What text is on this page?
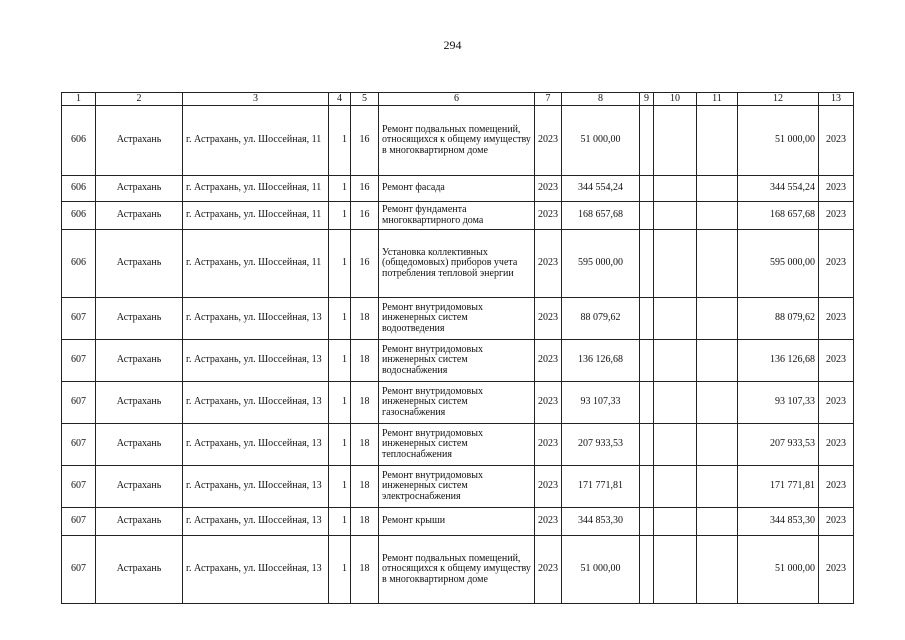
294
1	2	3	4	5	6	7	8	9	10	11	12	13
606	Астрахань	г. Астрахань, ул. Шоссейная, 11	1	16	Ремонт подвальных помещений, относящихся к общему имуществу в многоквартирном доме	2023	51 000,00				51 000,00	2023
606	Астрахань	г. Астрахань, ул. Шоссейная, 11	1	16	Ремонт фасада	2023	344 554,24				344 554,24	2023
606	Астрахань	г. Астрахань, ул. Шоссейная, 11	1	16	Ремонт фундамента многоквартирного дома	2023	168 657,68				168 657,68	2023
606	Астрахань	г. Астрахань, ул. Шоссейная, 11	1	16	Установка коллективных (общедомовых) приборов учета потребления тепловой энергии	2023	595 000,00				595 000,00	2023
607	Астрахань	г. Астрахань, ул. Шоссейная, 13	1	18	Ремонт внутридомовых инженерных систем водоотведения	2023	88 079,62				88 079,62	2023
607	Астрахань	г. Астрахань, ул. Шоссейная, 13	1	18	Ремонт внутридомовых инженерных систем водоснабжения	2023	136 126,68				136 126,68	2023
607	Астрахань	г. Астрахань, ул. Шоссейная, 13	1	18	Ремонт внутридомовых инженерных систем газоснабжения	2023	93 107,33				93 107,33	2023
607	Астрахань	г. Астрахань, ул. Шоссейная, 13	1	18	Ремонт внутридомовых инженерных систем теплоснабжения	2023	207 933,53				207 933,53	2023
607	Астрахань	г. Астрахань, ул. Шоссейная, 13	1	18	Ремонт внутридомовых инженерных систем электроснабжения	2023	171 771,81				171 771,81	2023
607	Астрахань	г. Астрахань, ул. Шоссейная, 13	1	18	Ремонт крыши	2023	344 853,30				344 853,30	2023
607	Астрахань	г. Астрахань, ул. Шоссейная, 13	1	18	Ремонт подвальных помещений, относящихся к общему имуществу в многоквартирном доме	2023	51 000,00				51 000,00	2023
